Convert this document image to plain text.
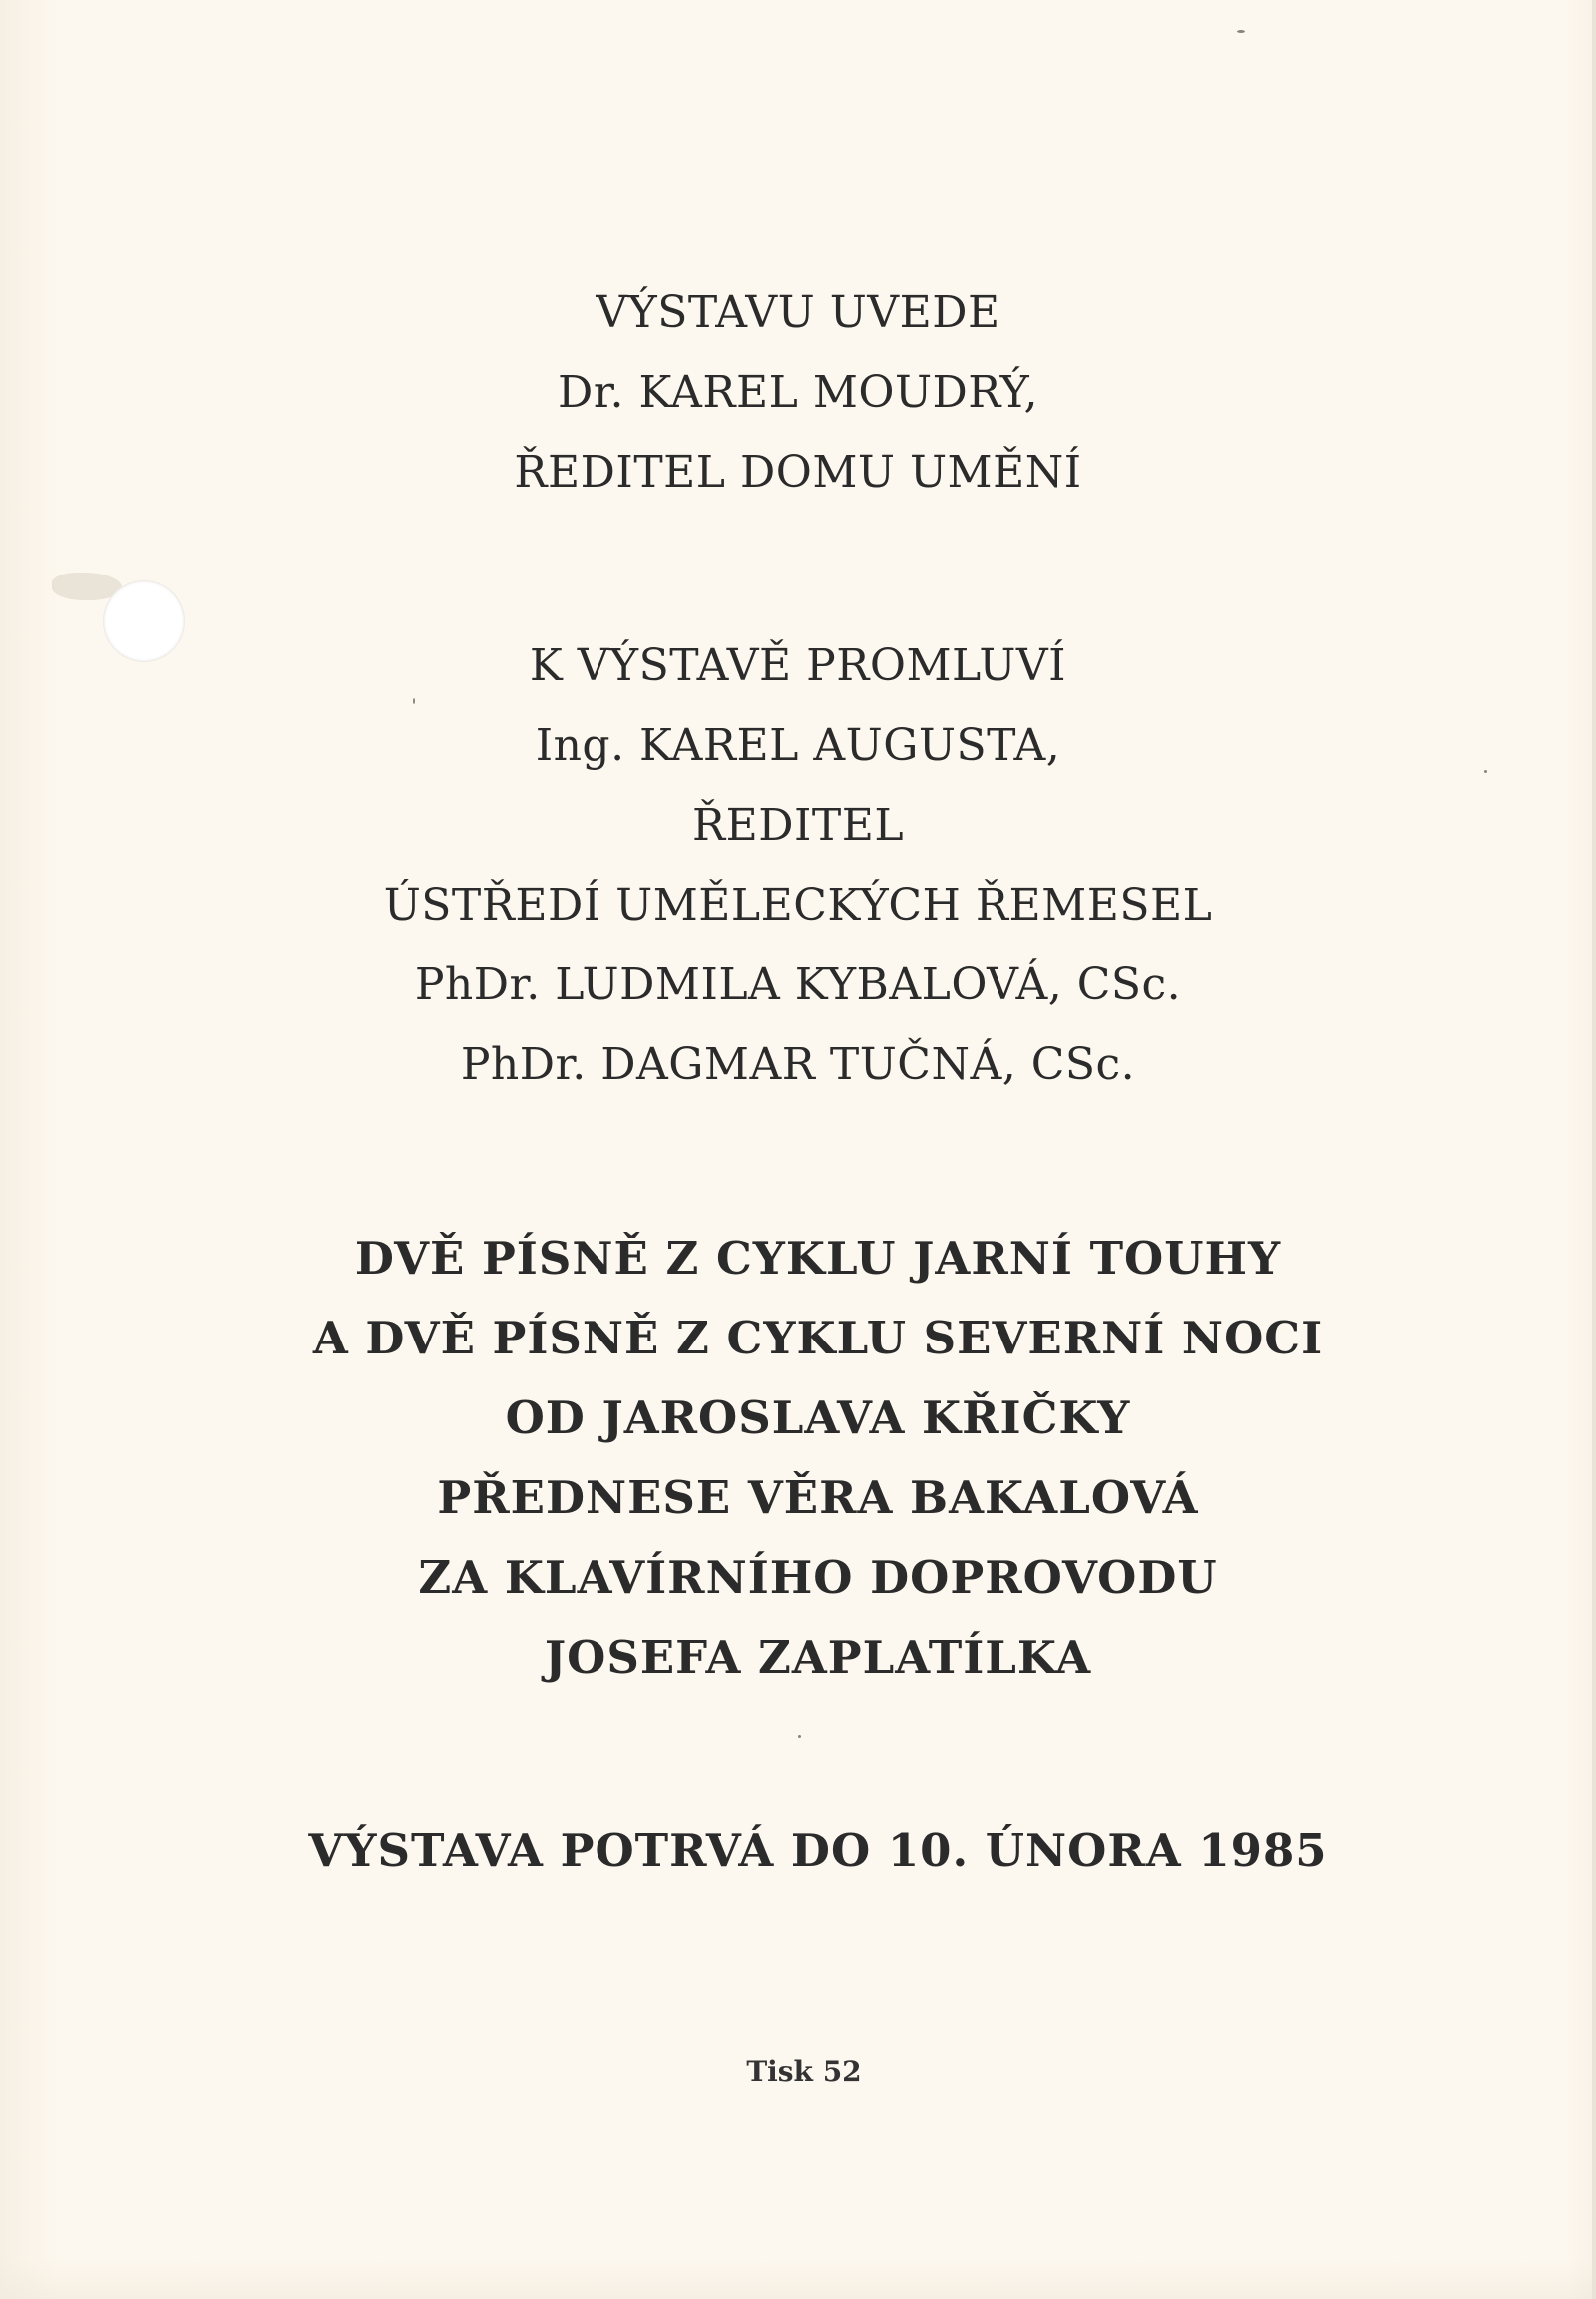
VÝSTAVU UVEDE
Dr. KAREL MOUDRÝ,
ŘEDITEL DOMU UMĚNÍ
K VÝSTAVĚ PROMLUVÍ
Ing. KAREL AUGUSTA,
ŘEDITEL
ÚSTŘEDÍ UMĚLECKÝCH ŘEMESEL
PhDr. LUDMILA KYBALOVÁ, CSc.
PhDr. DAGMAR TUČNÁ, CSc.
DVĚ PÍSNĚ Z CYKLU JARNÍ TOUHY
A DVĚ PÍSNĚ Z CYKLU SEVERNÍ NOCI
OD JAROSLAVA KŘIČKY
PŘEDNESE VĚRA BAKALOVÁ
ZA KLAVÍRNÍHO DOPROVODU
JOSEFA ZAPLATÍLKA
VÝSTAVA POTRVÁ DO 10. ÚNORA 1985
Tisk 52
